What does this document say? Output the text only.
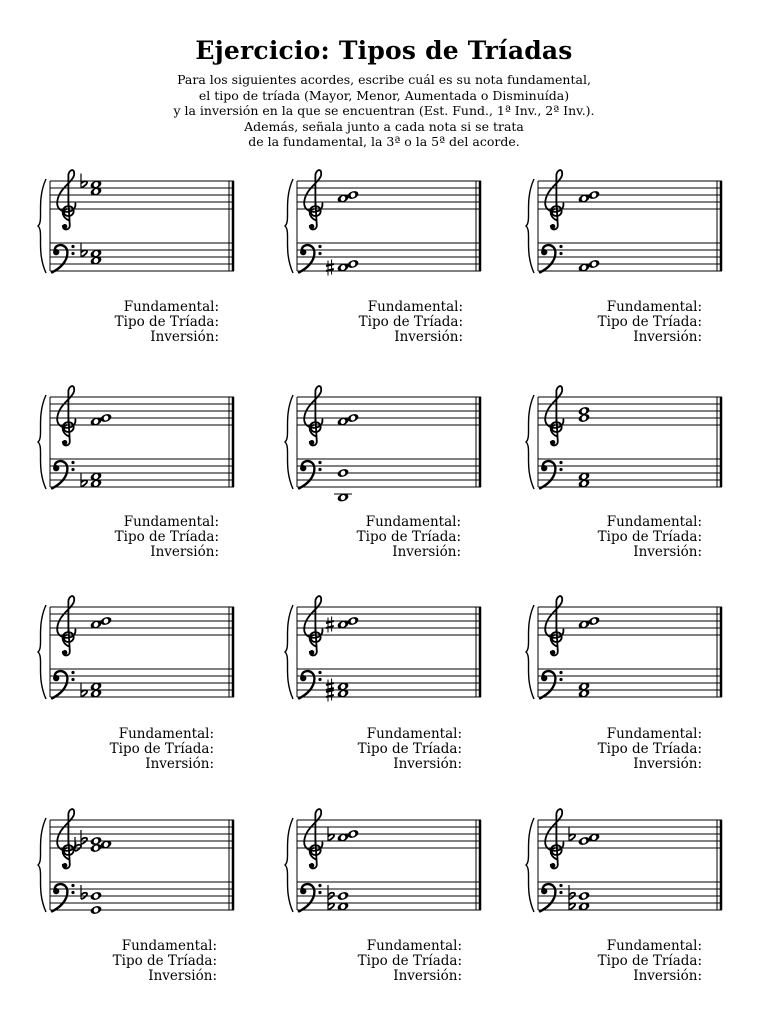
Ejercicio: Tipos de Tríadas
Para los siguientes acordes, escribe cuál es su nota fundamental,
el tipo de tríada (Mayor, Menor, Aumentada o Disminuída)
y la inversión en la que se encuentran (Est. Fund., 1ª Inv., 2ª Inv.).
Además, señala junto a cada nota si se trata
de la fundamental, la 3ª o la 5ª del acorde.
Fundamental:
Tipo de Tríada:
Inversión:
Fundamental:
Tipo de Tríada:
Inversión:
Fundamental:
Tipo de Tríada:
Inversión:
Fundamental:
Tipo de Tríada:
Inversión:
Fundamental:
Tipo de Tríada:
Inversión:
Fundamental:
Tipo de Tríada:
Inversión:
Fundamental:
Tipo de Tríada:
Inversión:
Fundamental:
Tipo de Tríada:
Inversión:
Fundamental:
Tipo de Tríada:
Inversión:
Fundamental:
Tipo de Tríada:
Inversión:
Fundamental:
Tipo de Tríada:
Inversión:
Fundamental:
Tipo de Tríada:
Inversión:
